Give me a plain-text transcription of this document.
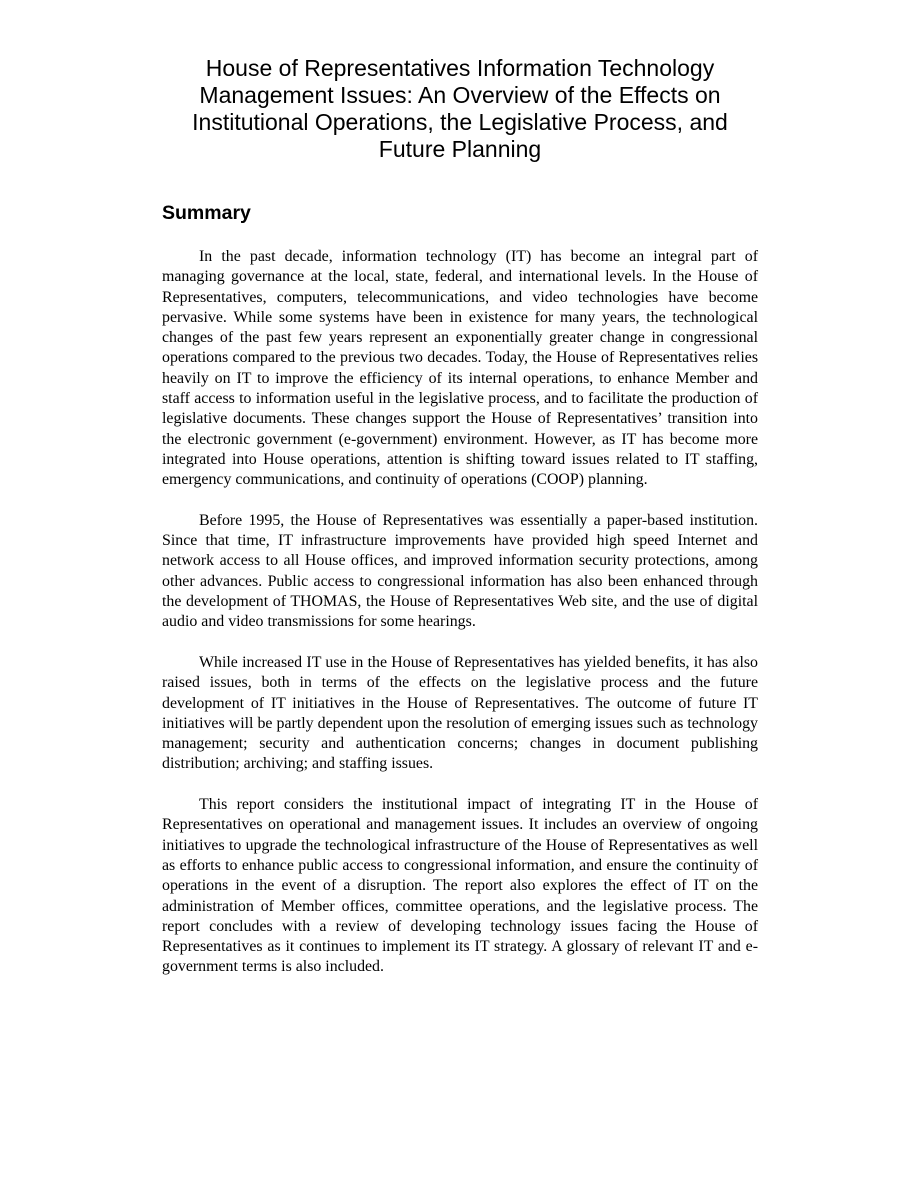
House of Representatives Information Technology Management Issues: An Overview of the Effects on Institutional Operations, the Legislative Process, and Future Planning
Summary

In the past decade, information technology (IT) has become an integral part of managing governance at the local, state, federal, and international levels. In the House of Representatives, computers, telecommunications, and video technologies have become pervasive. While some systems have been in existence for many years, the technological changes of the past few years represent an exponentially greater change in congressional operations compared to the previous two decades. Today, the House of Representatives relies heavily on IT to improve the efficiency of its internal operations, to enhance Member and staff access to information useful in the legislative process, and to facilitate the production of legislative documents. These changes support the House of Representatives’ transition into the electronic government (e-government) environment. However, as IT has become more integrated into House operations, attention is shifting toward issues related to IT staffing, emergency communications, and continuity of operations (COOP) planning.

Before 1995, the House of Representatives was essentially a paper-based institution. Since that time, IT infrastructure improvements have provided high speed Internet and network access to all House offices, and improved information security protections, among other advances. Public access to congressional information has also been enhanced through the development of THOMAS, the House of Representatives Web site, and the use of digital audio and video transmissions for some hearings.

While increased IT use in the House of Representatives has yielded benefits, it has also raised issues, both in terms of the effects on the legislative process and the future development of IT initiatives in the House of Representatives. The outcome of future IT initiatives will be partly dependent upon the resolution of emerging issues such as technology management; security and authentication concerns; changes in document publishing distribution; archiving; and staffing issues.

This report considers the institutional impact of integrating IT in the House of Representatives on operational and management issues. It includes an overview of ongoing initiatives to upgrade the technological infrastructure of the House of Representatives as well as efforts to enhance public access to congressional information, and ensure the continuity of operations in the event of a disruption. The report also explores the effect of IT on the administration of Member offices, committee operations, and the legislative process. The report concludes with a review of developing technology issues facing the House of Representatives as it continues to implement its IT strategy. A glossary of relevant IT and e-government terms is also included.
